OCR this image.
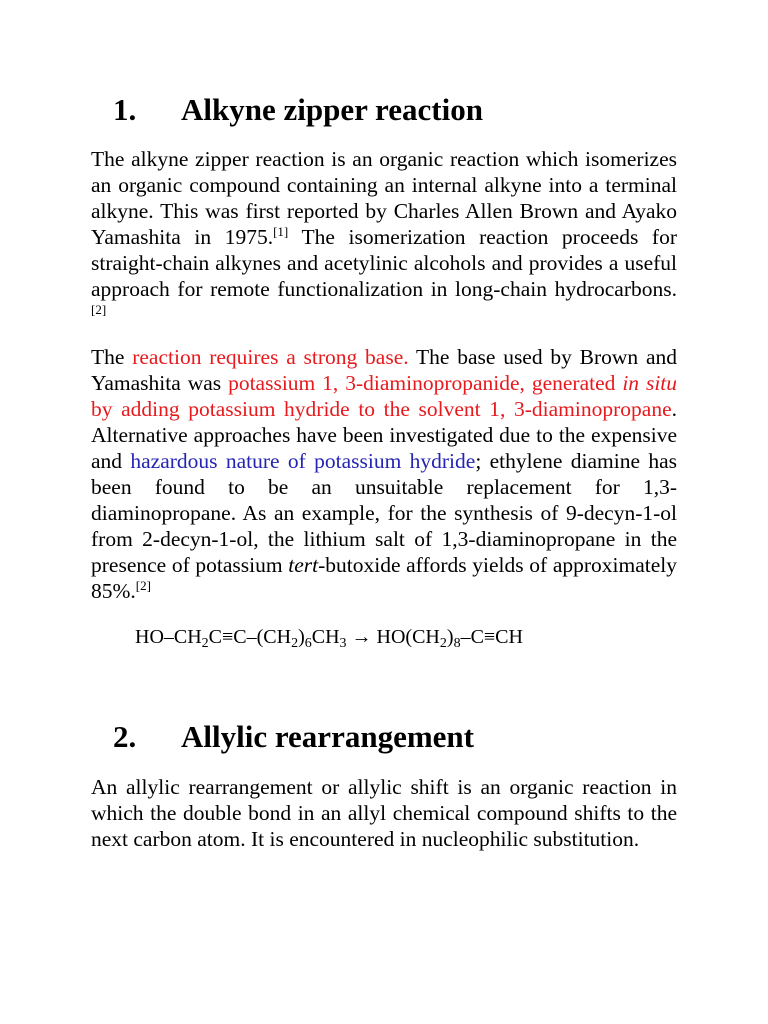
1. Alkyne zipper reaction
The alkyne zipper reaction is an organic reaction which isomerizes an organic compound containing an internal alkyne into a terminal alkyne. This was first reported by Charles Allen Brown and Ayako Yamashita in 1975.[1] The isomerization reaction proceeds for straight-chain alkynes and acetylinic alcohols and provides a useful approach for remote functionalization in long-chain hydrocarbons.[2]
The reaction requires a strong base. The base used by Brown and Yamashita was potassium 1, 3-diaminopropanide, generated in situ by adding potassium hydride to the solvent 1, 3-diaminopropane. Alternative approaches have been investigated due to the expensive and hazardous nature of potassium hydride; ethylene diamine has been found to be an unsuitable replacement for 1,3-diaminopropane. As an example, for the synthesis of 9-decyn-1-ol from 2-decyn-1-ol, the lithium salt of 1,3-diaminopropane in the presence of potassium tert-butoxide affords yields of approximately 85%.[2]
$HO-CH_2C\equiv C-(CH_2)_6CH_3 \to HO(CH_2)_8-C\equiv CH$
2. Allylic rearrangement
An allylic rearrangement or allylic shift is an organic reaction in which the double bond in an allyl chemical compound shifts to the next carbon atom. It is encountered in nucleophilic substitution.
